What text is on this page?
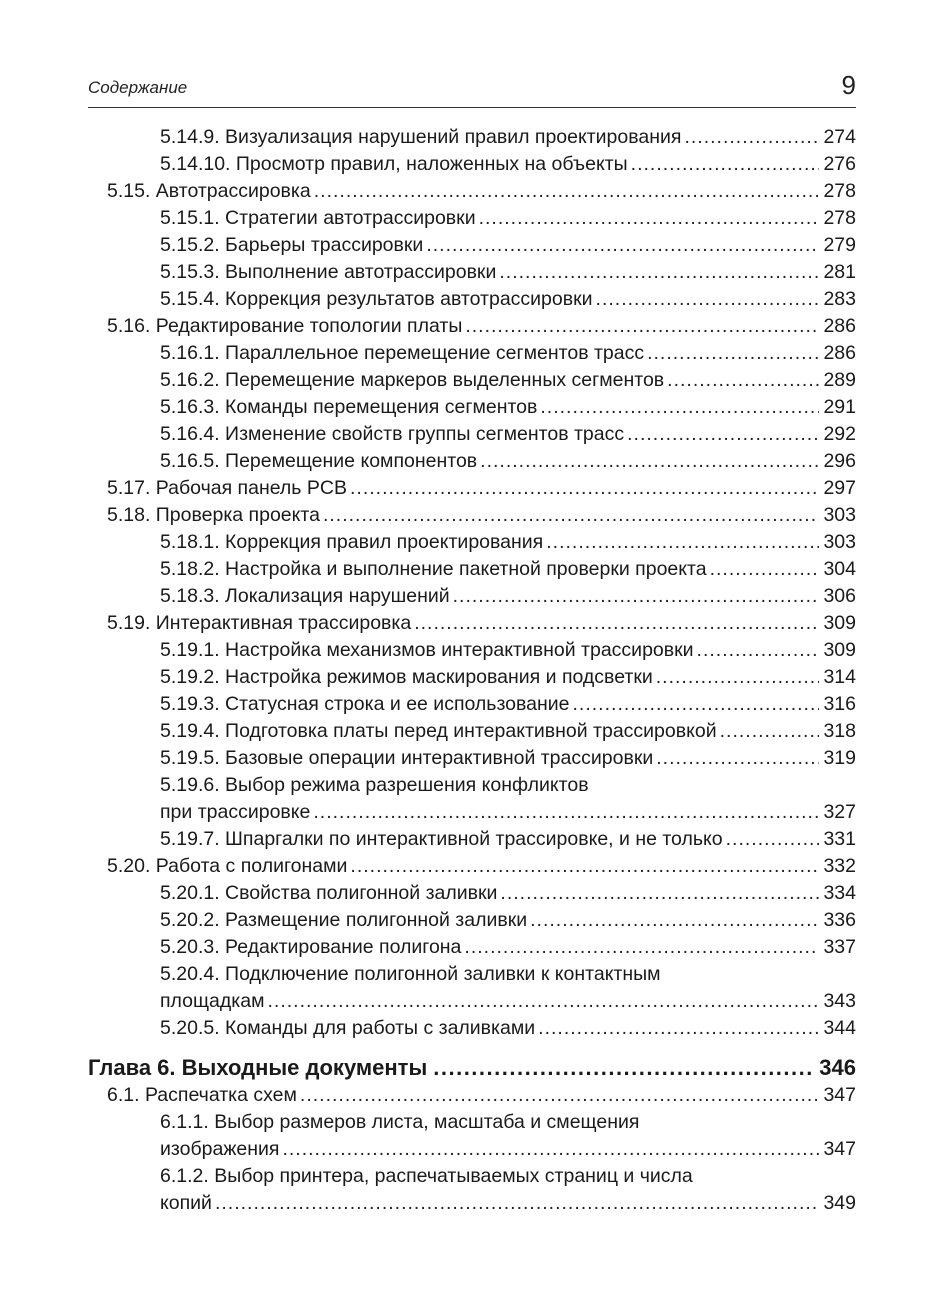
Содержание	9
5.14.9. Визуализация нарушений правил проектирования .....	274
5.14.10. Просмотр правил, наложенных на объекты .....	276
5.15. Автотрассировка .....	278
5.15.1. Стратегии автотрассировки .....	278
5.15.2. Барьеры трассировки .....	279
5.15.3. Выполнение автотрассировки .....	281
5.15.4. Коррекция результатов автотрассировки .....	283
5.16. Редактирование топологии платы .....	286
5.16.1. Параллельное перемещение сегментов трасс .....	286
5.16.2. Перемещение маркеров выделенных сегментов .....	289
5.16.3. Команды перемещения сегментов .....	291
5.16.4. Изменение свойств группы сегментов трасс .....	292
5.16.5. Перемещение компонентов .....	296
5.17. Рабочая панель PCB .....	297
5.18. Проверка проекта .....	303
5.18.1. Коррекция правил проектирования .....	303
5.18.2. Настройка и выполнение пакетной проверки проекта .....	304
5.18.3. Локализация нарушений .....	306
5.19. Интерактивная трассировка .....	309
5.19.1. Настройка механизмов интерактивной трассировки .....	309
5.19.2. Настройка режимов маскирования и подсветки .....	314
5.19.3. Статусная строка и ее использование .....	316
5.19.4. Подготовка платы перед интерактивной трассировкой .....	318
5.19.5. Базовые операции интерактивной трассировки .....	319
5.19.6. Выбор режима разрешения конфликтов
при трассировке .....	327
5.19.7. Шпаргалки по интерактивной трассировке, и не только .....	331
5.20. Работа с полигонами .....	332
5.20.1. Свойства полигонной заливки .....	334
5.20.2. Размещение полигонной заливки .....	336
5.20.3. Редактирование полигона .....	337
5.20.4. Подключение полигонной заливки к контактным
площадкам .....	343
5.20.5. Команды для работы с заливками .....	344
Глава 6. Выходные документы .....	346
6.1. Распечатка схем .....	347
6.1.1. Выбор размеров листа, масштаба и смещения
изображения .....	347
6.1.2. Выбор принтера, распечатываемых страниц и числа
копий .....	349
